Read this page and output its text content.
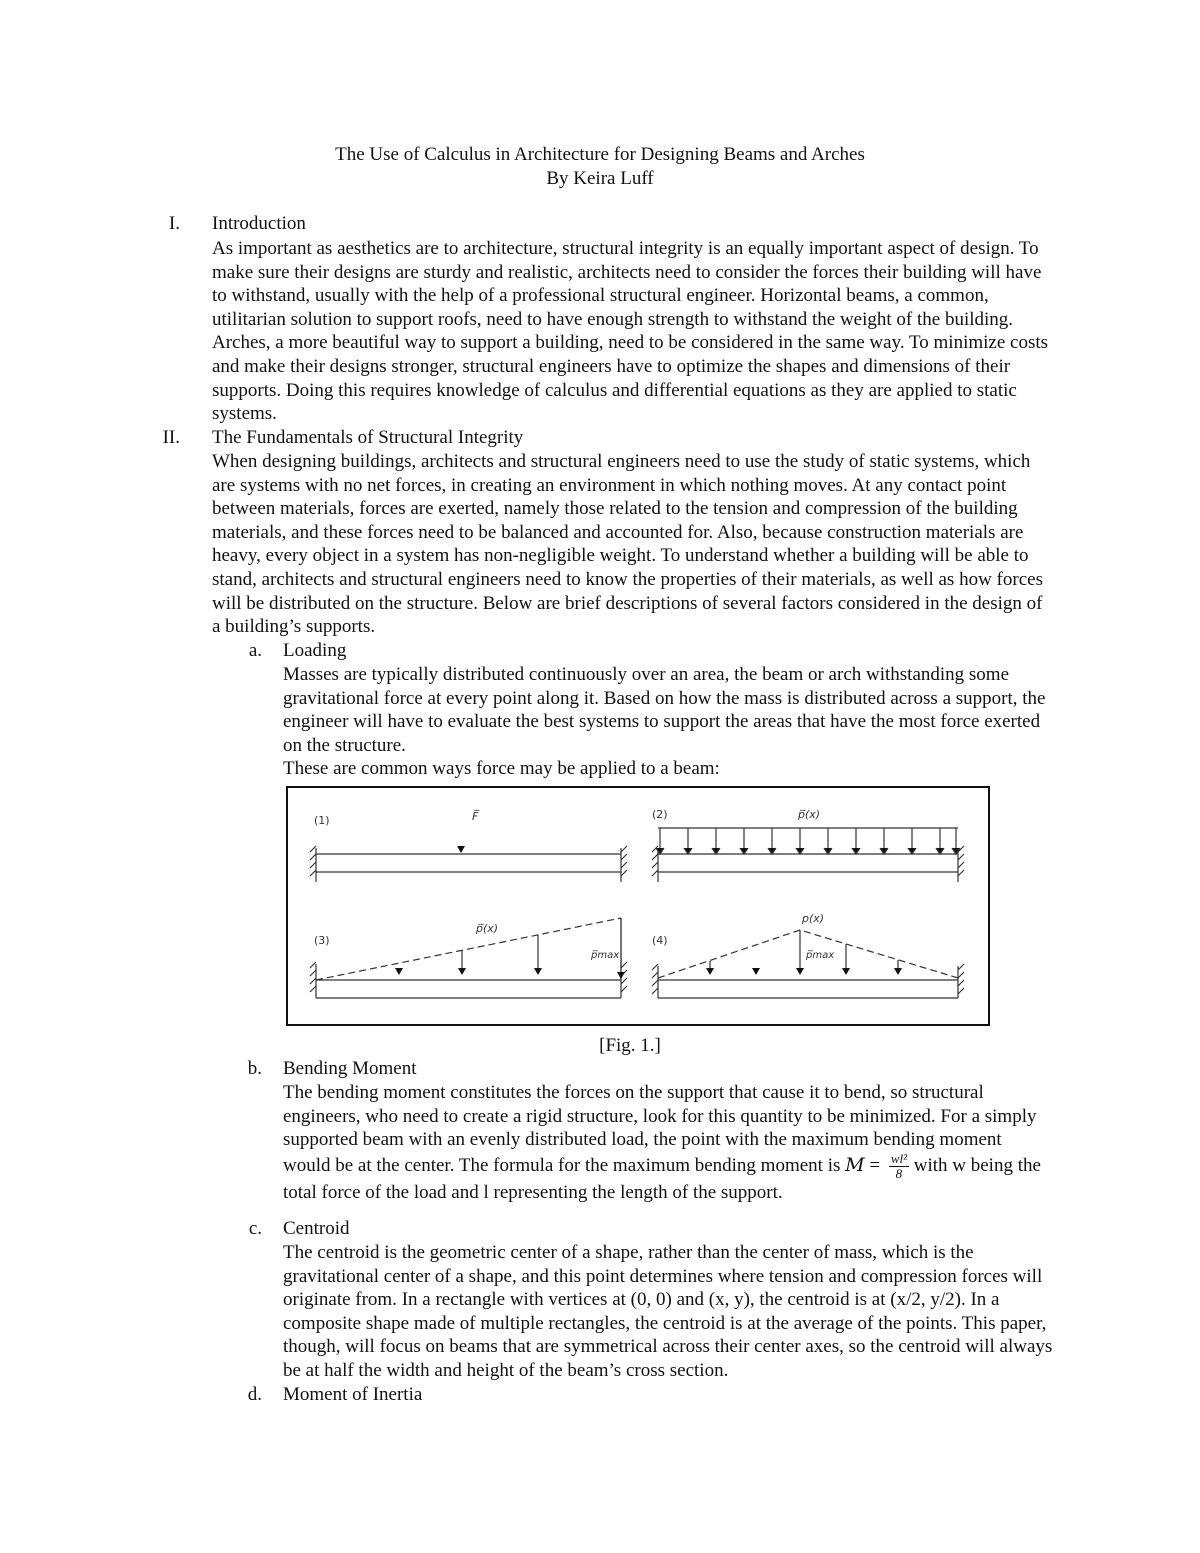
The Use of Calculus in Architecture for Designing Beams and Arches
By Keira Luff
I. Introduction
As important as aesthetics are to architecture, structural integrity is an equally important aspect of design. To make sure their designs are sturdy and realistic, architects need to consider the forces their building will have to withstand, usually with the help of a professional structural engineer. Horizontal beams, a common, utilitarian solution to support roofs, need to have enough strength to withstand the weight of the building. Arches, a more beautiful way to support a building, need to be considered in the same way. To minimize costs and make their designs stronger, structural engineers have to optimize the shapes and dimensions of their supports. Doing this requires knowledge of calculus and differential equations as they are applied to static systems.
II. The Fundamentals of Structural Integrity
When designing buildings, architects and structural engineers need to use the study of static systems, which are systems with no net forces, in creating an environment in which nothing moves. At any contact point between materials, forces are exerted, namely those related to the tension and compression of the building materials, and these forces need to be balanced and accounted for. Also, because construction materials are heavy, every object in a system has non-negligible weight. To understand whether a building will be able to stand, architects and structural engineers need to know the properties of their materials, as well as how forces will be distributed on the structure. Below are brief descriptions of several factors considered in the design of a building’s supports.
a. Loading
Masses are typically distributed continuously over an area, the beam or arch withstanding some gravitational force at every point along it. Based on how the mass is distributed across a support, the engineer will have to evaluate the best systems to support the areas that have the most force exerted on the structure.
These are common ways force may be applied to a beam:
(1)	F̅	(2)	p̅(x)
(3)
p̅(x)
p̅max
(4)
p(x)
p̅max
[Fig. 1.]
b. Bending Moment
The bending moment constitutes the forces on the support that cause it to bend, so structural engineers, who need to create a rigid structure, look for this quantity to be minimized. For a simply supported beam with an evenly distributed load, the point with the maximum bending moment would be at the center. The formula for the maximum bending moment is $M = \frac{\text{wl²}}{8}$ with w being the total force of the load and l representing the length of the support.
c. Centroid
The centroid is the geometric center of a shape, rather than the center of mass, which is the gravitational center of a shape, and this point determines where tension and compression forces will originate from. In a rectangle with vertices at (0, 0) and (x, y), the centroid is at (x/2, y/2). In a composite shape made of multiple rectangles, the centroid is at the average of the points. This paper, though, will focus on beams that are symmetrical across their center axes, so the centroid will always be at half the width and height of the beam’s cross section.
d. Moment of Inertia
